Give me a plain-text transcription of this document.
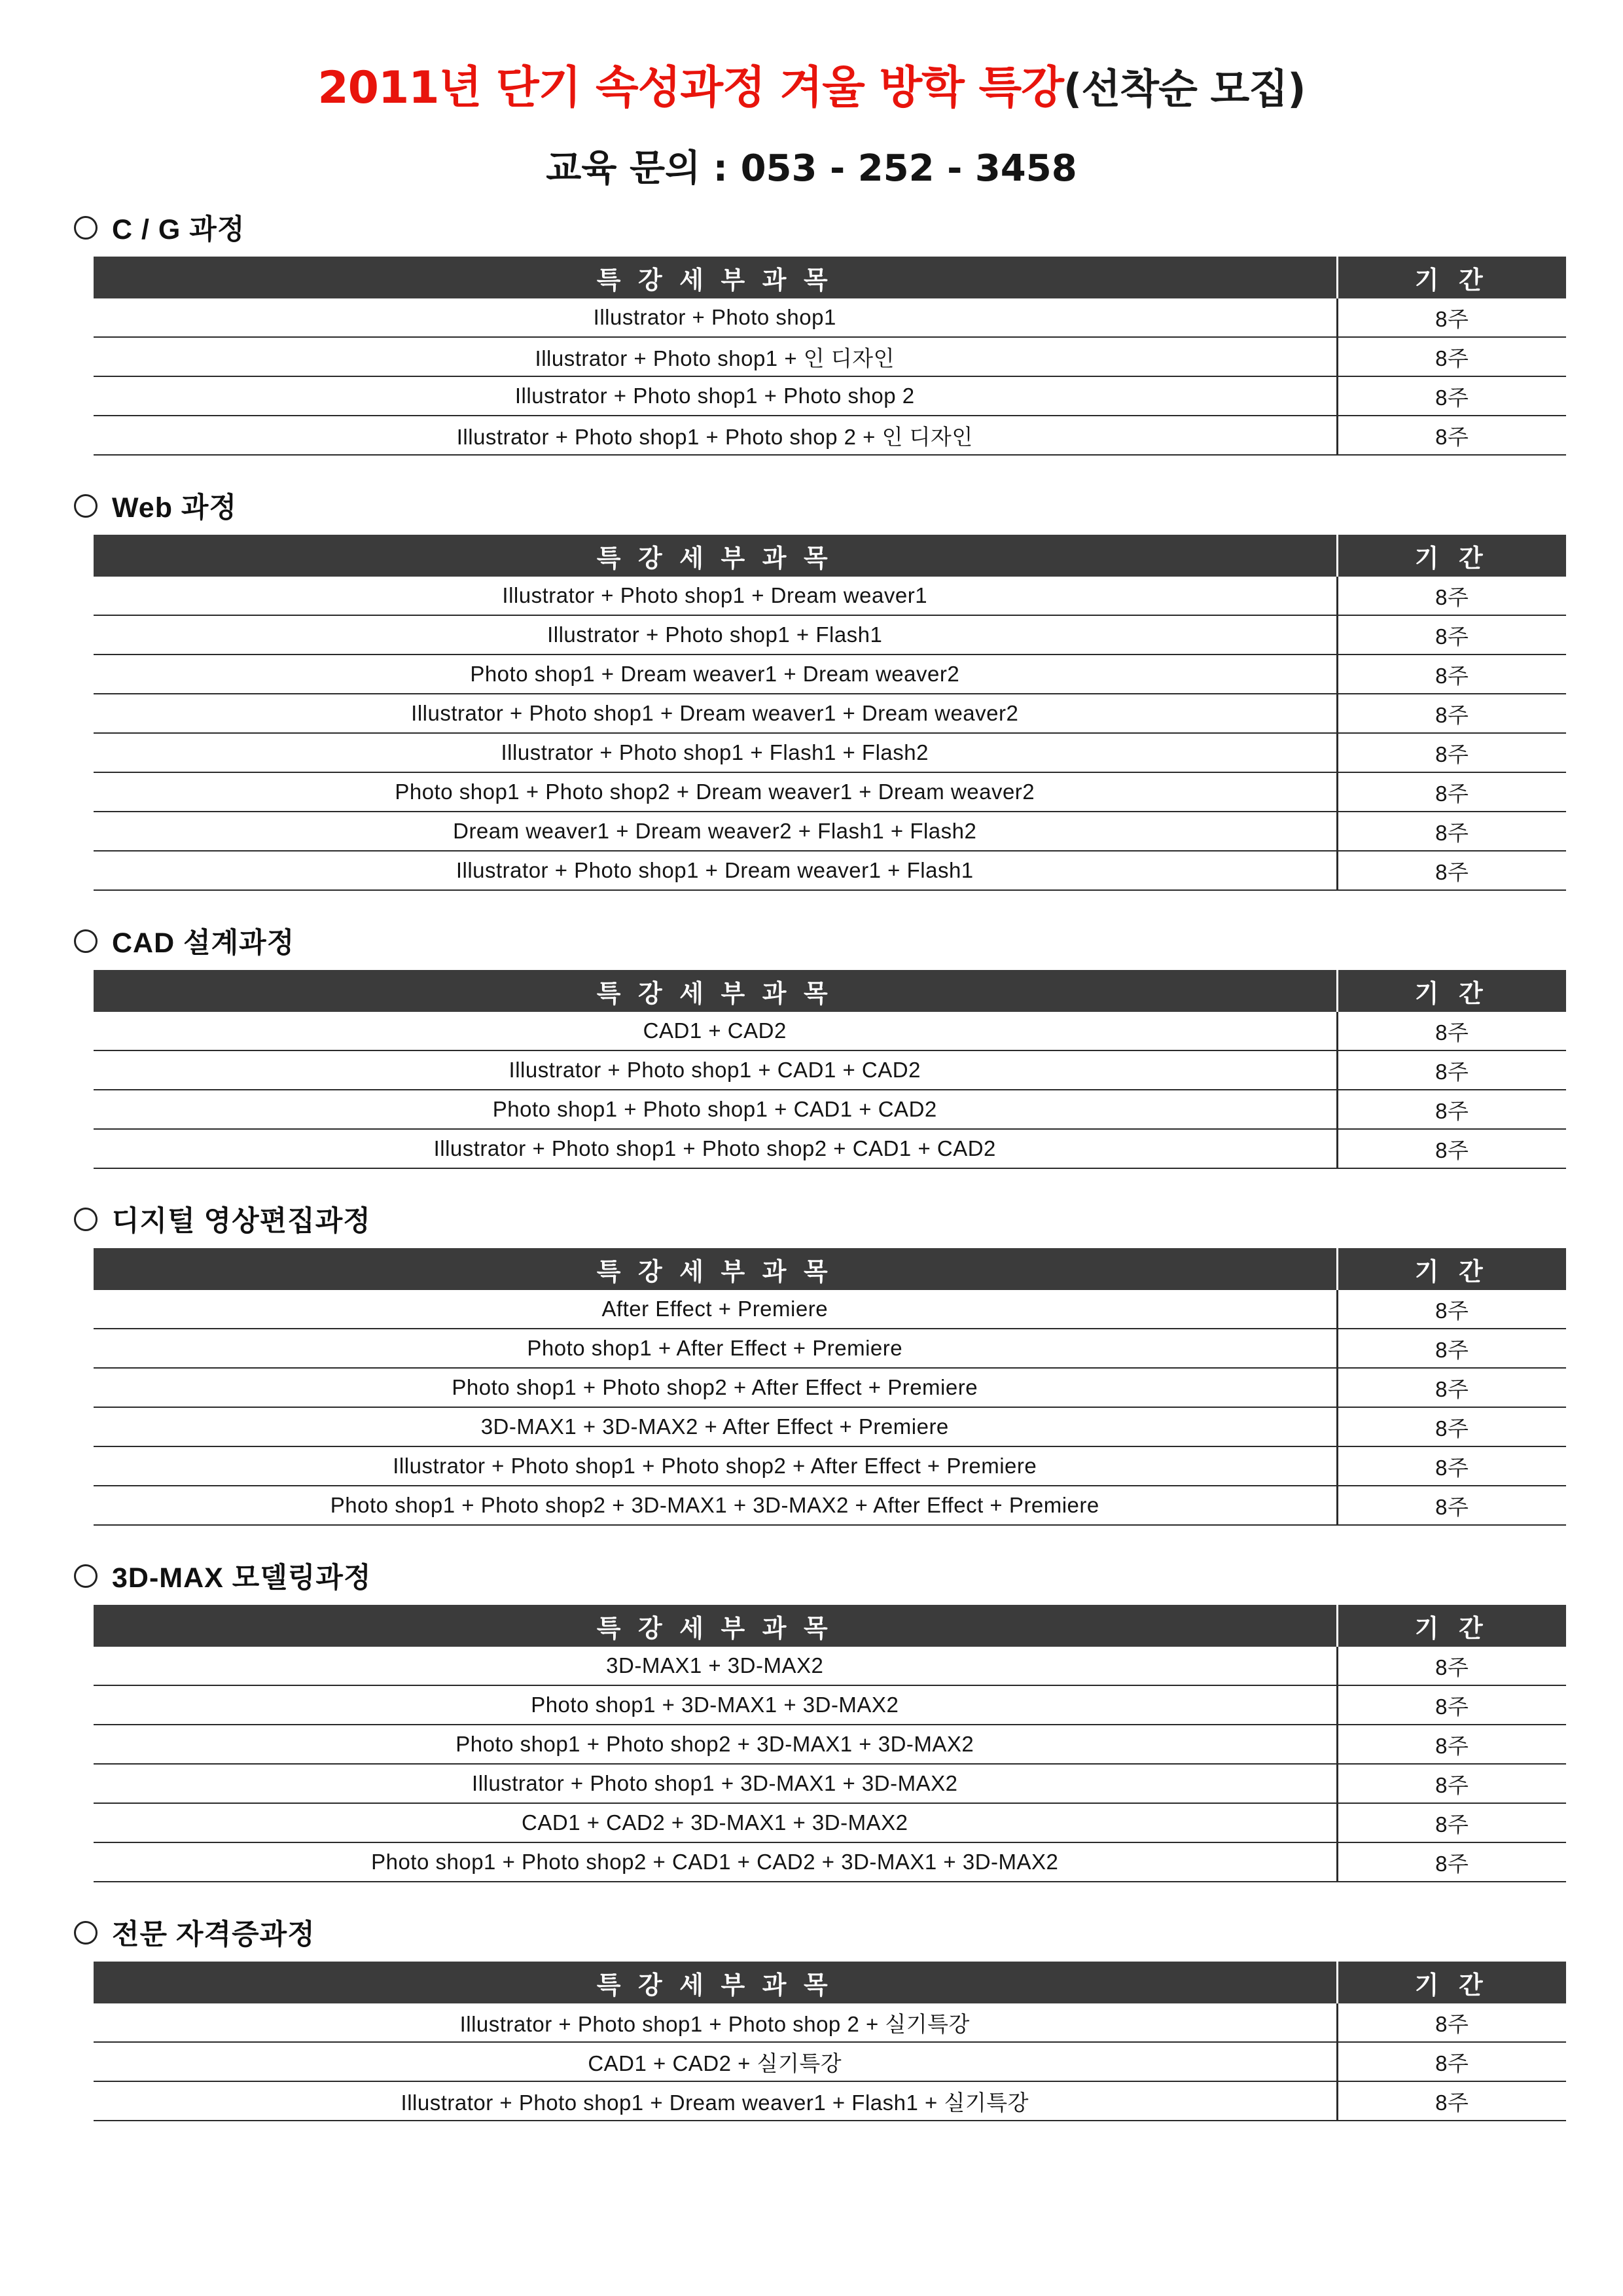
2011년 단기 속성과정 겨울 방학 특강(선착순 모집)
교육 문의 : 053 - 252 - 3458
C / G 과정
특 강 세 부 과 목	기 간
Illustrator + Photo shop1	8주
Illustrator + Photo shop1 + 인 디자인	8주
Illustrator + Photo shop1 + Photo shop 2	8주
Illustrator + Photo shop1 + Photo shop 2 + 인 디자인	8주
Web 과정
특 강 세 부 과 목	기 간
Illustrator + Photo shop1 + Dream weaver1	8주
Illustrator + Photo shop1 + Flash1	8주
Photo shop1 + Dream weaver1 + Dream weaver2	8주
Illustrator + Photo shop1 + Dream weaver1 + Dream weaver2	8주
Illustrator + Photo shop1 + Flash1 + Flash2	8주
Photo shop1 + Photo shop2 + Dream weaver1 + Dream weaver2	8주
Dream weaver1 + Dream weaver2 + Flash1 + Flash2	8주
Illustrator + Photo shop1 + Dream weaver1 + Flash1	8주
CAD 설계과정
특 강 세 부 과 목	기 간
CAD1 + CAD2	8주
Illustrator + Photo shop1 + CAD1 + CAD2	8주
Photo shop1 + Photo shop1 + CAD1 + CAD2	8주
Illustrator + Photo shop1 + Photo shop2 + CAD1 + CAD2	8주
디지털 영상편집과정
특 강 세 부 과 목	기 간
After Effect + Premiere	8주
Photo shop1 + After Effect + Premiere	8주
Photo shop1 + Photo shop2 + After Effect + Premiere	8주
3D-MAX1 + 3D-MAX2 + After Effect + Premiere	8주
Illustrator + Photo shop1 + Photo shop2 + After Effect + Premiere	8주
Photo shop1 + Photo shop2 + 3D-MAX1 + 3D-MAX2 + After Effect + Premiere	8주
3D-MAX 모델링과정
특 강 세 부 과 목	기 간
3D-MAX1 + 3D-MAX2	8주
Photo shop1 + 3D-MAX1 + 3D-MAX2	8주
Photo shop1 + Photo shop2 + 3D-MAX1 + 3D-MAX2	8주
Illustrator + Photo shop1 + 3D-MAX1 + 3D-MAX2	8주
CAD1 + CAD2 + 3D-MAX1 + 3D-MAX2	8주
Photo shop1 + Photo shop2 + CAD1 + CAD2 + 3D-MAX1 + 3D-MAX2	8주
전문 자격증과정
특 강 세 부 과 목	기 간
Illustrator + Photo shop1 + Photo shop 2 + 실기특강	8주
CAD1 + CAD2 + 실기특강	8주
Illustrator + Photo shop1 + Dream weaver1 + Flash1 + 실기특강	8주
